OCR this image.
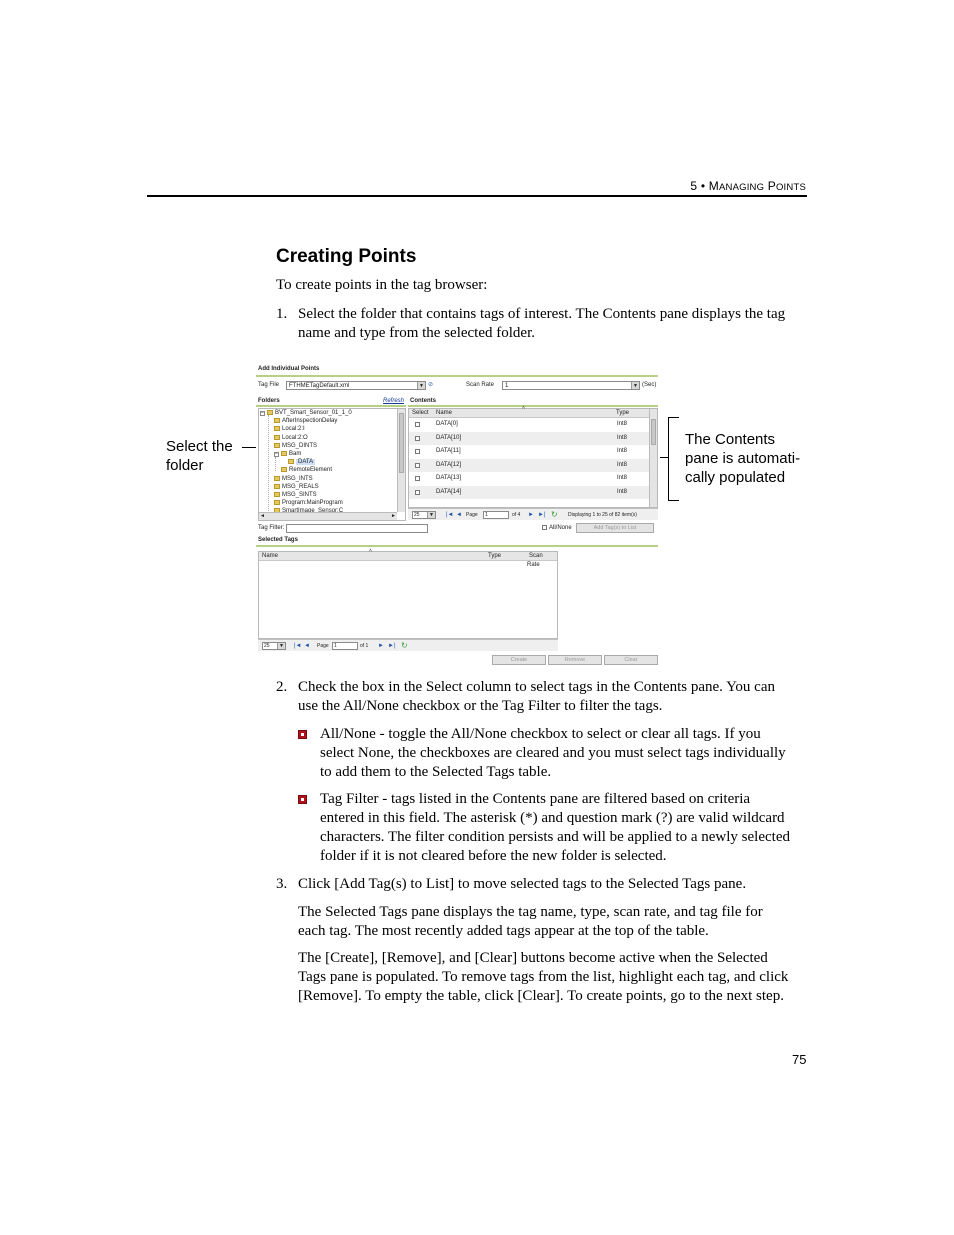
5 • MANAGING POINTS
Creating Points

To create points in the tag browser:

1. Select the folder that contains tags of interest. The Contents pane displays the tag
name and type from the selected folder.

Select the
folder
The Contents
pane is automati-
cally populated
Add Individual Points
Tag File FTHMETagDefault.xml	▼ ⊘	Scan Rate 1	▼ (Sec)
Folders	Refresh Contents
− BVT_Smart_Sensor_01_1_0
AfterInspectionDelay
Local:2:I
Local:2:O
MSG_DINTS
− Bam
DATA
RemoteElement
MSG_INTS
MSG_REALS
MSG_SINTS
Program:MainProgram
◄	►
Select	Name	Type
˄
DATA[0]	Int8
DATA[10]	Int8
DATA[11]	Int8
DATA[12]	Int8
DATA[13]	Int8
DATA[14]	Int8
25	▼ |◄ ◄ Page 1	of 4 ► ►| ↻ Displaying 1 to 25 of 82 item(s)
Tag Filter:	All/None	Add Tag(s) to List
Selected Tags
Name	Type	Scan Rate
˄
25	▼ |◄ ◄ Page 1	of 1 ► ►| ↻
Create	Remove	Clear
2. Check the box in the Select column to select tags in the Contents pane. You can
use the All/None checkbox or the Tag Filter to filter the tags.

All/None - toggle the All/None checkbox to select or clear all tags. If you
select None, the checkboxes are cleared and you must select tags individually
to add them to the Selected Tags table.

Tag Filter - tags listed in the Contents pane are filtered based on criteria
entered in this field. The asterisk (*) and question mark (?) are valid wildcard
characters. The filter condition persists and will be applied to a newly selected
folder if it is not cleared before the new folder is selected.

3. Click [Add Tag(s) to List] to move selected tags to the Selected Tags pane.

The Selected Tags pane displays the tag name, type, scan rate, and tag file for
each tag. The most recently added tags appear at the top of the table.

The [Create], [Remove], and [Clear] buttons become active when the Selected
Tags pane is populated. To remove tags from the list, highlight each tag, and click
[Remove]. To empty the table, click [Clear]. To create points, go to the next step.

75
